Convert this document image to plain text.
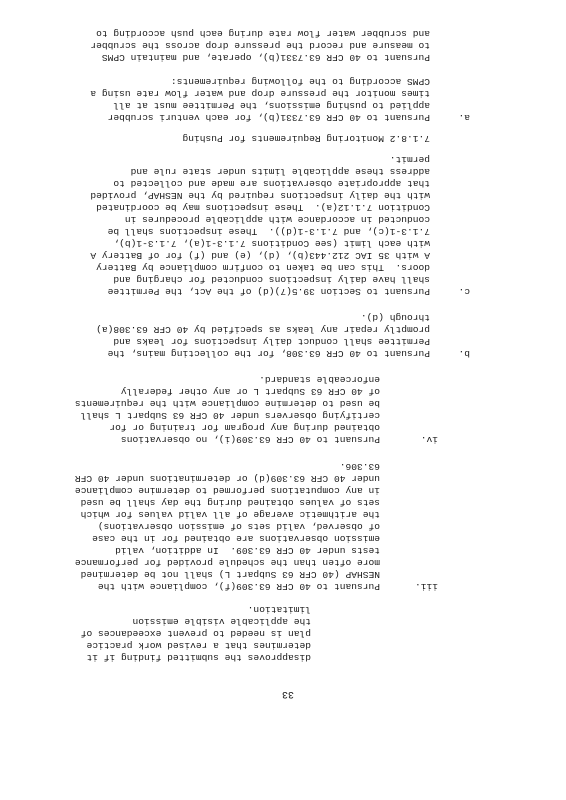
33
disapproves the submitted finding if it
determines that a revised work practice
plan is needed to prevent exceedances of
the applicable visible emission
limitation.
iii.
Pursuant to 40 CFR 63.309(f), compliance with the
NESHAP (40 CFR 63 Subpart L) shall not be determined
more often than the schedule provided for performance
tests under 40 CFR 63.309.  In addition, valid
emission observations are obtained for in the case
of observed, valid sets of emission observations)
the arithmetic average of all valid values for which
sets of values obtained during the day shall be used
in any computations performed to determine compliance
under 40 CFR 63.309(d) or determinations under 40 CFR
63.306.
iv.
Pursuant to 40 CFR 63.309(i), no observations
obtained during any program for training or for
certifying observers under 40 CFR 63 Subpart L shall
be used to determine compliance with the requirements
of 40 CFR 63 Subpart L or any other federally
enforceable standard.
b.
Pursuant to 40 CFR 63.308, for the collecting mains, the
Permittee shall conduct daily inspections for leaks and
promptly repair any leaks as specified by 40 CFR 63.308(a)
through (d).
c.
Pursuant to Section 39.5(7)(d) of the Act, the Permittee
shall have daily inspections conducted for charging and
doors.  This can be taken to confirm compliance by Battery
A with 35 IAC 212.443(b), (d), (e) and (f) for of Battery A
with each limit (see Conditions 7.1.3-1(a), 7.1.3-1(b),
7.1.3-1(c), and 7.1.3-1(d)).  These inspections shall be
conducted in accordance with applicable procedures in
Condition 7.1.12(a).  These inspections may be coordinated
with the daily inspections required by the NESHAP, provided
that appropriate observations are made and collected to
address these applicable limits under state rule and
permit.
7.1.8.2 Monitoring Requirements for Pushing
a.
Pursuant to 40 CFR 63.7331(b), for each venturi scrubber
applied to pushing emissions, the Permittee must at all
times monitor the pressure drop and water flow rate using a
CPMS according to the following requirements:
Pursuant to 40 CFR 63.7331(b), operate, and maintain CPMS
to measure and record the pressure drop across the scrubber
and scrubber water flow rate during each push according to
